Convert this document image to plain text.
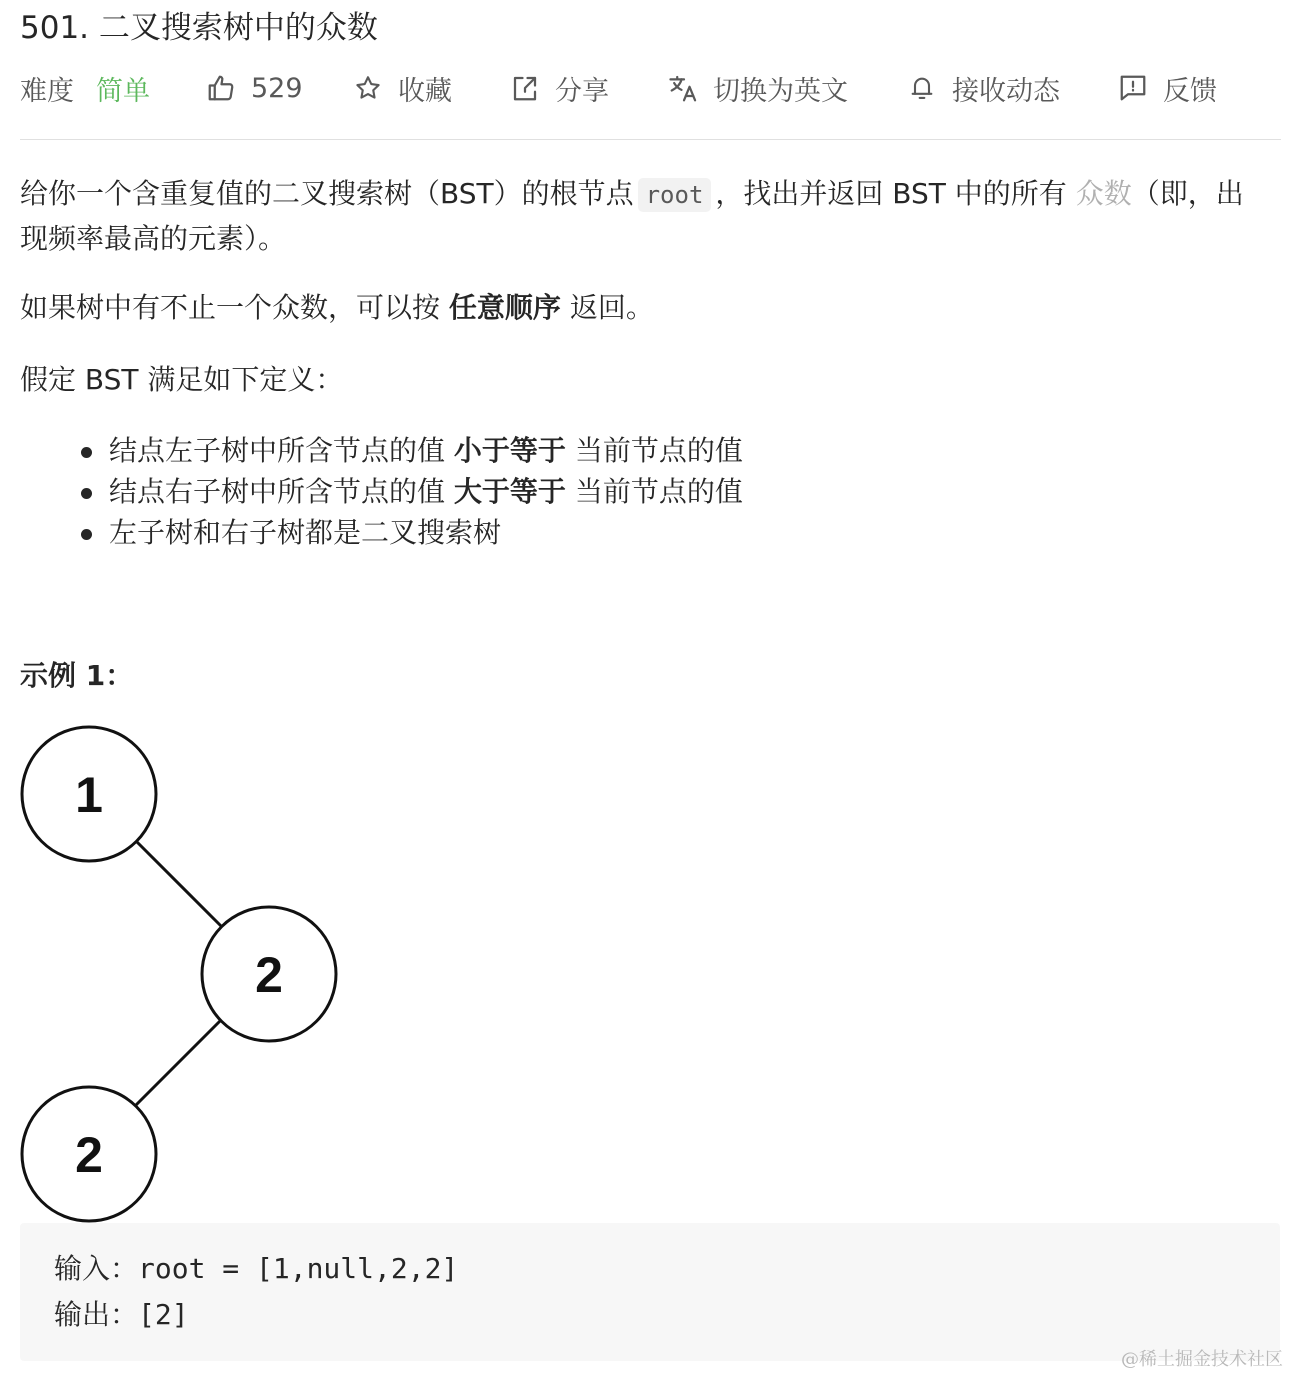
501. 二叉搜索树中的众数
难度 简单	529	收藏	分享	切换为英文	接收动态	反馈

给你一个含重复值的二叉搜索树（BST）的根节点 root ，找出并返回 BST 中的所有 众数（即，出现频率最高的元素）。

如果树中有不止一个众数，可以按 任意顺序 返回。

假定 BST 满足如下定义：

结点左子树中所含节点的值 小于等于 当前节点的值
结点右子树中所含节点的值 大于等于 当前节点的值
左子树和右子树都是二叉搜索树
示例 1：
1
2
2
输入：root = [1,null,2,2]
输出：[2]
@稀土掘金技术社区
